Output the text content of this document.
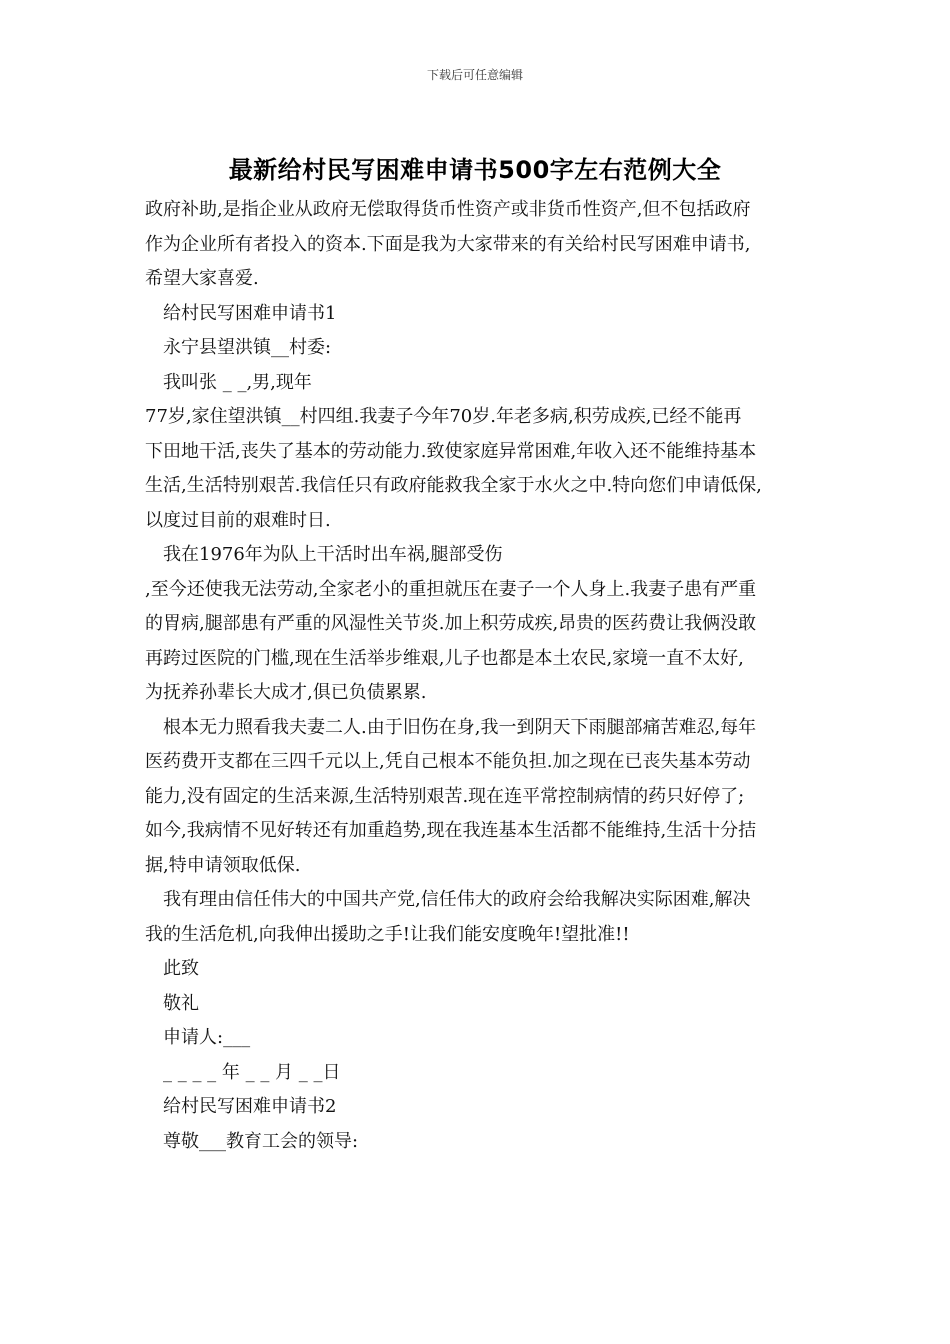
下载后可任意编辑
最新给村民写困难申请书500字左右范例大全

政府补助,是指企业从政府无偿取得货币性资产或非货币性资产,但不包括政府

作为企业所有者投入的资本.下面是我为大家带来的有关给村民写困难申请书,

希望大家喜爱.

给村民写困难申请书1

永宁县望洪镇__村委:

我叫张 _ _,男,现年

77岁,家住望洪镇__村四组.我妻子今年70岁.年老多病,积劳成疾,已经不能再

下田地干活,丧失了基本的劳动能力.致使家庭异常困难,年收入还不能维持基本

生活,生活特别艰苦.我信任只有政府能救我全家于水火之中.特向您们申请低保,

以度过目前的艰难时日.

我在1976年为队上干活时出车祸,腿部受伤

,至今还使我无法劳动,全家老小的重担就压在妻子一个人身上.我妻子患有严重

的胃病,腿部患有严重的风湿性关节炎.加上积劳成疾,昂贵的医药费让我俩没敢

再跨过医院的门槛,现在生活举步维艰,儿子也都是本土农民,家境一直不太好,

为抚养孙辈长大成才,俱已负债累累.

根本无力照看我夫妻二人.由于旧伤在身,我一到阴天下雨腿部痛苦难忍,每年

医药费开支都在三四千元以上,凭自己根本不能负担.加之现在已丧失基本劳动

能力,没有固定的生活来源,生活特别艰苦.现在连平常控制病情的药只好停了;

如今,我病情不见好转还有加重趋势,现在我连基本生活都不能维持,生活十分拮

据,特申请领取低保.

我有理由信任伟大的中国共产党,信任伟大的政府会给我解决实际困难,解决

我的生活危机,向我伸出援助之手!让我们能安度晚年!望批准!!

此致

敬礼

申请人:___

_ _ _ _ 年 _ _ 月 _ _日

给村民写困难申请书2

尊敬___教育工会的领导:
